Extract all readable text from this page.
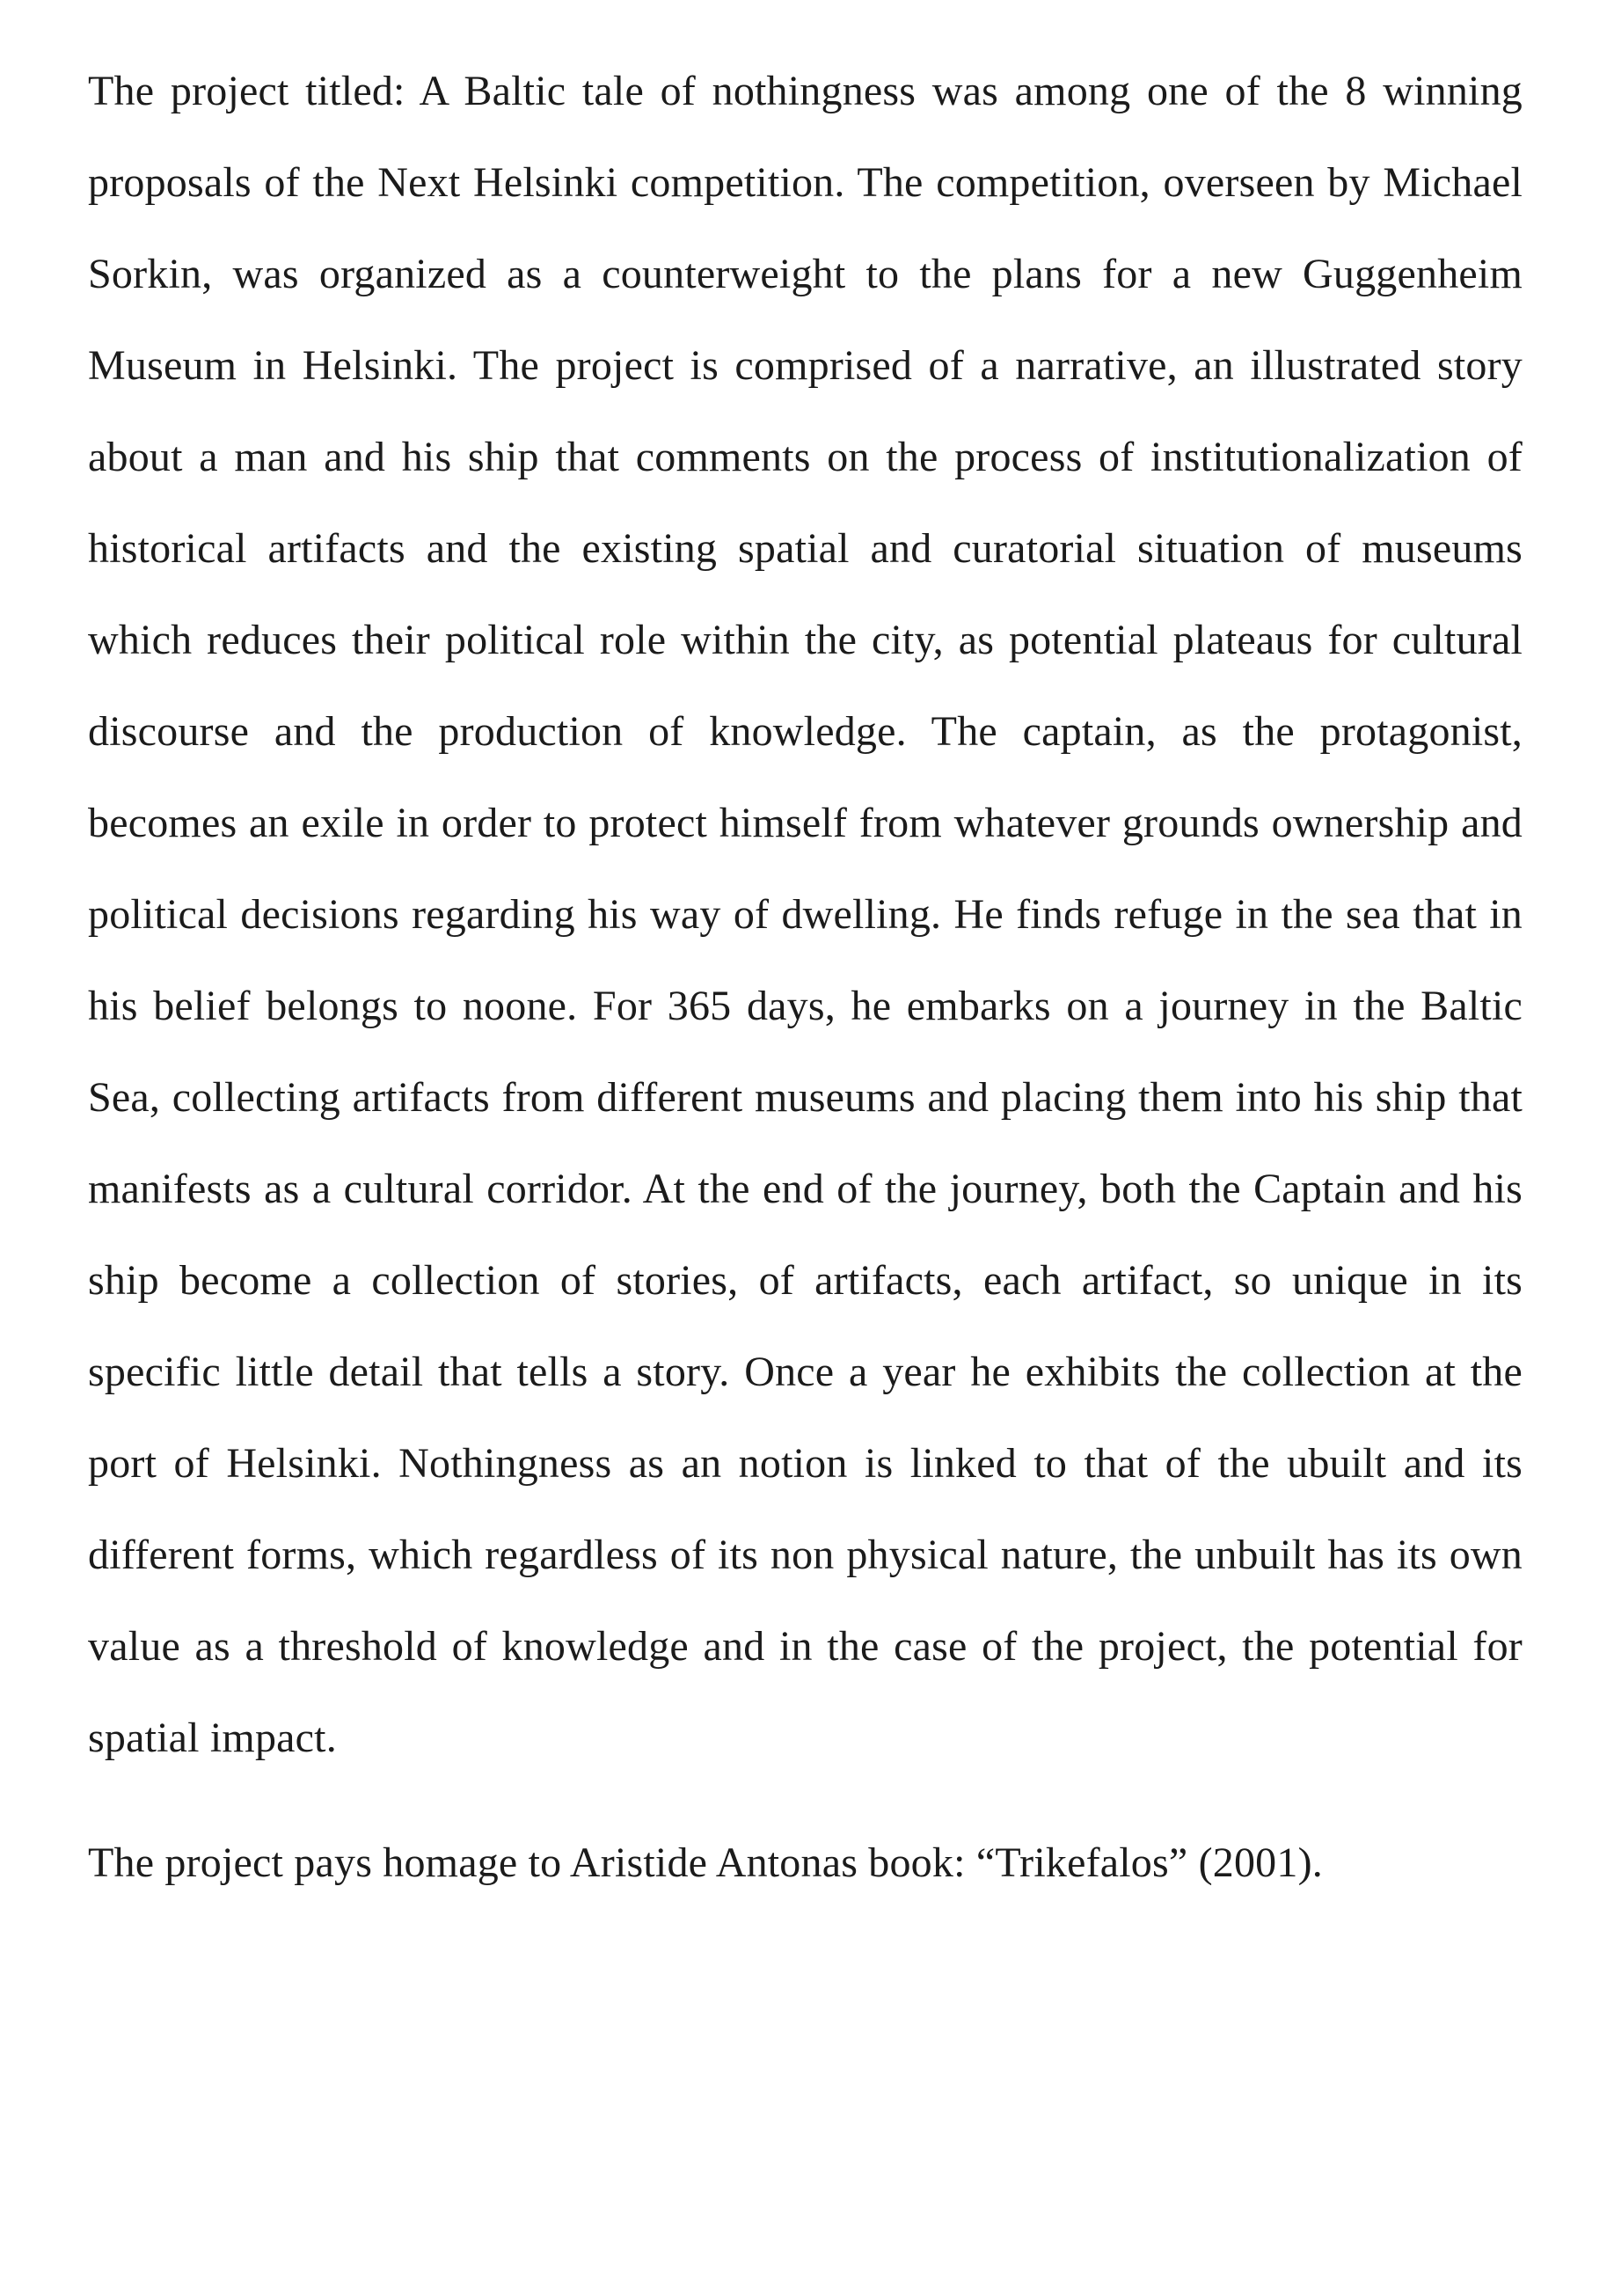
The project titled: A Baltic tale of nothingness was among one of the 8 winning proposals of the Next Helsinki competition. The competition, overseen by Michael Sorkin, was organized as a counterweight to the plans for a new Guggenheim Museum in Helsinki. The project is comprised of a narrative, an illustrated story about a man and his ship that comments on the process of institutionalization of historical artifacts and the existing spatial and curatorial situation of museums which reduces their political role within the city, as potential plateaus for cultural discourse and the production of knowledge. The captain, as the protagonist, becomes an exile in order to protect himself from whatever grounds ownership and political decisions regarding his way of dwelling. He finds refuge in the sea that in his belief belongs to noone. For 365 days, he embarks on a journey in the Baltic Sea, collecting artifacts from different museums and placing them into his ship that manifests as a cultural corridor. At the end of the journey, both the Captain and his ship become a collection of stories, of artifacts, each artifact, so unique in its specific little detail that tells a story. Once a year he exhibits the collection at the port of Helsinki. Nothingness as an notion is linked to that of the ubuilt and its different forms, which regardless of its non physical nature, the unbuilt has its own value as a threshold of knowledge and in the case of the project, the potential for spatial impact.

The project pays homage to Aristide Antonas book: “Trikefalos” (2001).
